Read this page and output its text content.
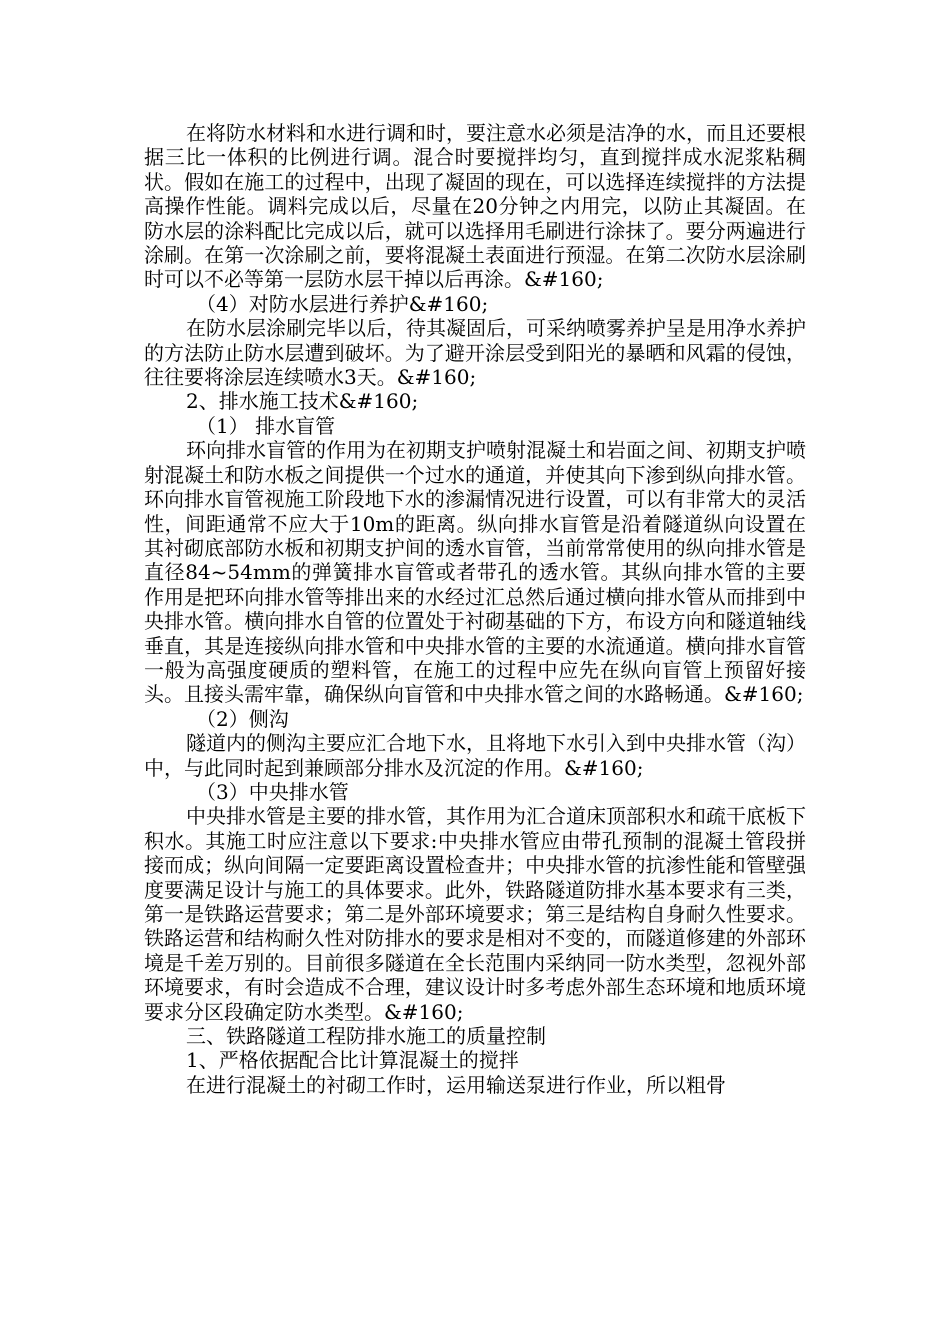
在将防水材料和水进行调和时，要注意水必须是洁净的水，而且还要根据三比一体积的比例进行调。混合时要搅拌均匀，直到搅拌成水泥浆粘稠状。假如在施工的过程中，出现了凝固的现在，可以选择连续搅拌的方法提高操作性能。调料完成以后，尽量在20分钟之内用完，以防止其凝固。在防水层的涂料配比完成以后，就可以选择用毛刷进行涂抹了。要分两遍进行涂刷。在第一次涂刷之前，要将混凝土表面进行预湿。在第二次防水层涂刷时可以不必等第一层防水层干掉以后再涂。&#160;

（4）对防水层进行养护&#160;

在防水层涂刷完毕以后，待其凝固后，可采纳喷雾养护呈是用净水养护的方法防止防水层遭到破坏。为了避开涂层受到阳光的暴晒和风霜的侵蚀，往往要将涂层连续喷水3天。&#160;

2、排水施工技术&#160;

（1） 排水盲管

环向排水盲管的作用为在初期支护喷射混凝土和岩面之间、初期支护喷射混凝土和防水板之间提供一个过水的通道，并使其向下渗到纵向排水管。环向排水盲管视施工阶段地下水的渗漏情况进行设置，可以有非常大的灵活性，间距通常不应大于10m的距离。纵向排水盲管是沿着隧道纵向设置在其衬砌底部防水板和初期支护间的透水盲管，当前常常使用的纵向排水管是直径84~54mm的弹簧排水盲管或者带孔的透水管。其纵向排水管的主要作用是把环向排水管等排出来的水经过汇总然后通过横向排水管从而排到中央排水管。横向排水自管的位置处于衬砌基础的下方，布设方向和隧道轴线垂直，其是连接纵向排水管和中央排水管的主要的水流通道。横向排水盲管一般为高强度硬质的塑料管，在施工的过程中应先在纵向盲管上预留好接头。且接头需牢靠，确保纵向盲管和中央排水管之间的水路畅通。&#160;

（2）侧沟

隧道内的侧沟主要应汇合地下水，且将地下水引入到中央排水管（沟）中，与此同时起到兼顾部分排水及沉淀的作用。&#160;

（3）中央排水管

中央排水管是主要的排水管，其作用为汇合道床顶部积水和疏干底板下积水。其施工时应注意以下要求:中央排水管应由带孔预制的混凝土管段拼接而成；纵向间隔一定要距离设置检查井；中央排水管的抗渗性能和管壁强度要满足设计与施工的具体要求。此外，铁路隧道防排水基本要求有三类，第一是铁路运营要求；第二是外部环境要求；第三是结构自身耐久性要求。铁路运营和结构耐久性对防排水的要求是相对不变的，而隧道修建的外部环境是千差万别的。目前很多隧道在全长范围内采纳同一防水类型，忽视外部环境要求，有时会造成不合理，建议设计时多考虑外部生态环境和地质环境要求分区段确定防水类型。&#160;

三、铁路隧道工程防排水施工的质量控制

1、严格依据配合比计算混凝土的搅拌

在进行混凝土的衬砌工作时，运用输送泵进行作业，所以粗骨
